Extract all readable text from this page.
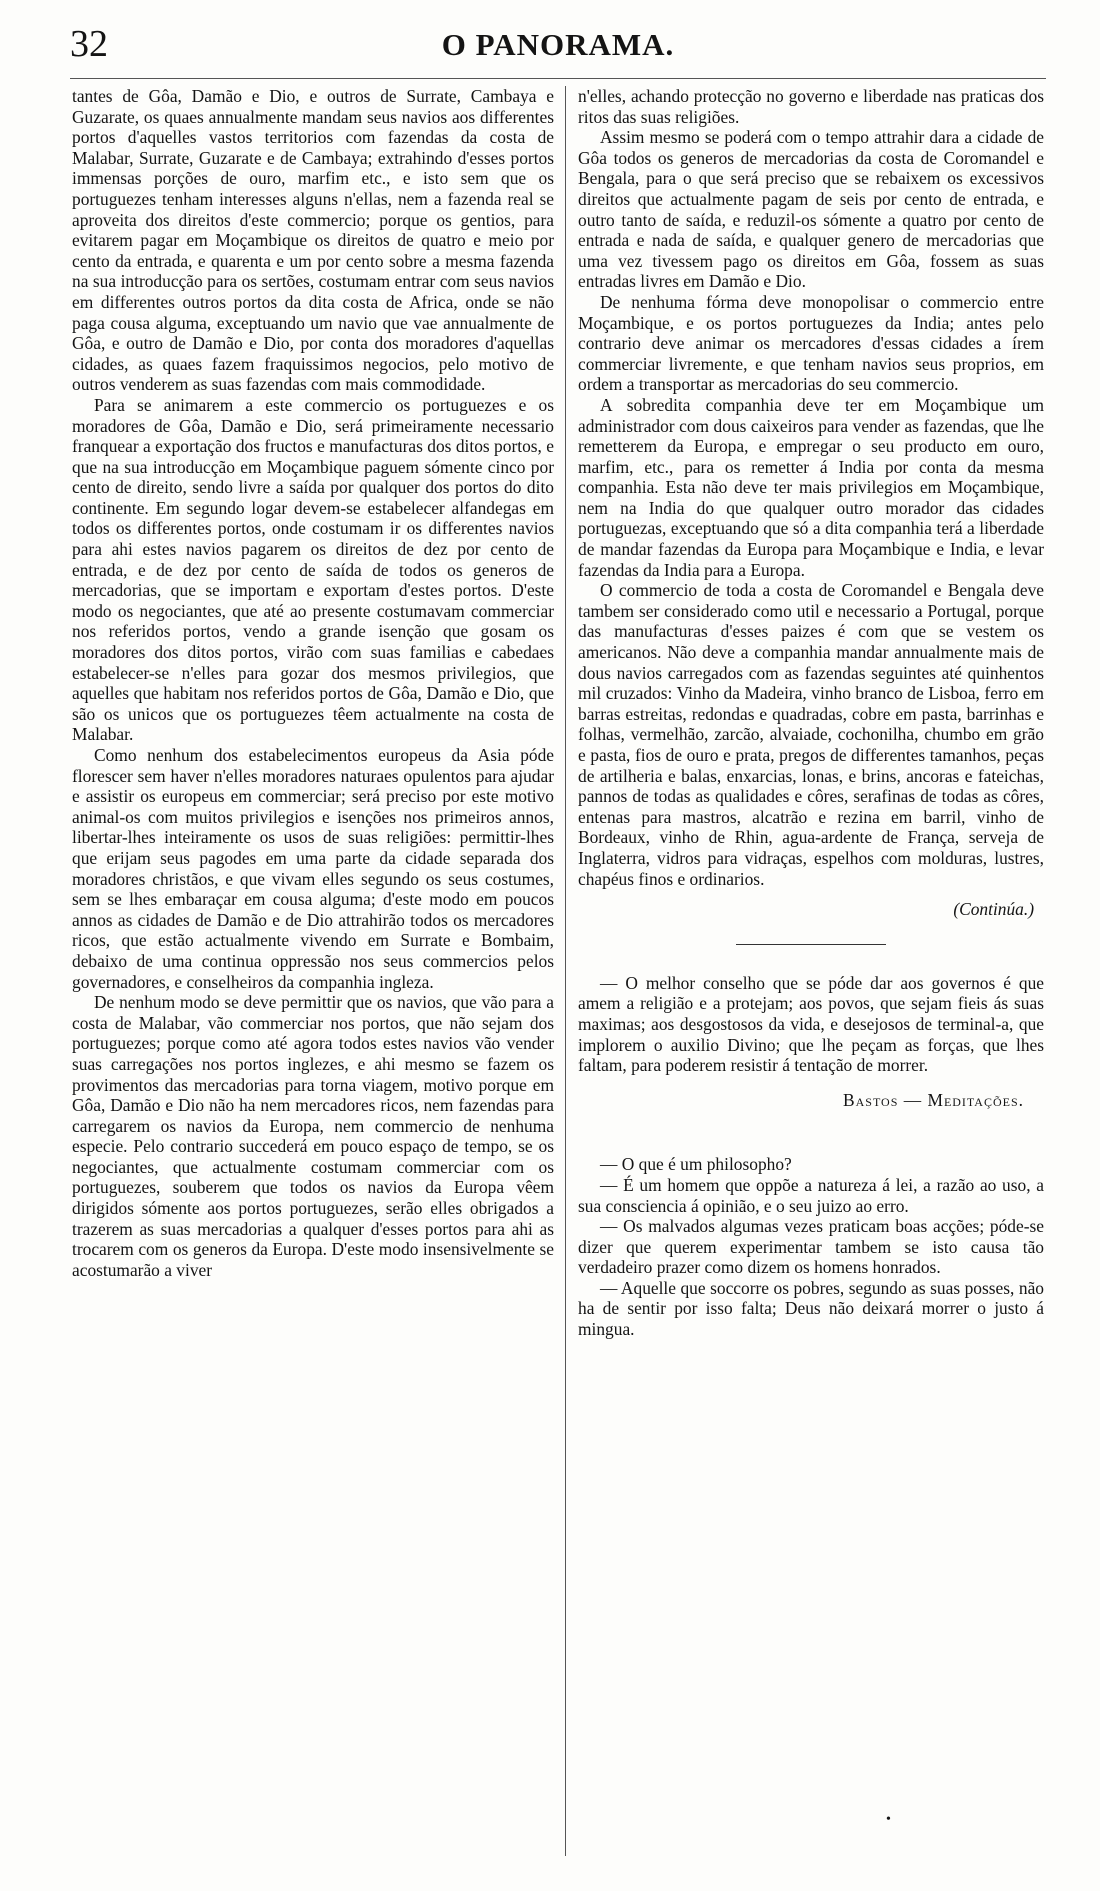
32	O PANORAMA.

tantes de Gôa, Damão e Dio, e outros de Surrate, Cambaya e Guzarate, os quaes annualmente mandam seus navios aos differentes portos d'aquelles vastos territorios com fazendas da costa de Malabar, Surrate, Guzarate e de Cambaya; extrahindo d'esses portos immensas porções de ouro, marfim etc., e isto sem que os portuguezes tenham interesses alguns n'ellas, nem a fazenda real se aproveita dos direitos d'este commercio; porque os gentios, para evitarem pagar em Moçambique os direitos de quatro e meio por cento da entrada, e quarenta e um por cento sobre a mesma fazenda na sua introducção para os sertões, costumam entrar com seus navios em differentes outros portos da dita costa de Africa, onde se não paga cousa alguma, exceptuando um navio que vae annualmente de Gôa, e outro de Damão e Dio, por conta dos moradores d'aquellas cidades, as quaes fazem fraquissimos negocios, pelo motivo de outros venderem as suas fazendas com mais commodidade.

Para se animarem a este commercio os portuguezes e os moradores de Gôa, Damão e Dio, será primeiramente necessario franquear a exportação dos fructos e manufacturas dos ditos portos, e que na sua introducção em Moçambique paguem sómente cinco por cento de direito, sendo livre a saída por qualquer dos portos do dito continente. Em segundo logar devem-se estabelecer alfandegas em todos os differentes portos, onde costumam ir os differentes navios para ahi estes navios pagarem os direitos de dez por cento de entrada, e de dez por cento de saída de todos os generos de mercadorias, que se importam e exportam d'estes portos. D'este modo os negociantes, que até ao presente costumavam commerciar nos referidos portos, vendo a grande isenção que gosam os moradores dos ditos portos, virão com suas familias e cabedaes estabelecer-se n'elles para gozar dos mesmos privilegios, que aquelles que habitam nos referidos portos de Gôa, Damão e Dio, que são os unicos que os portuguezes têem actualmente na costa de Malabar.

Como nenhum dos estabelecimentos europeus da Asia póde florescer sem haver n'elles moradores naturaes opulentos para ajudar e assistir os europeus em commerciar; será preciso por este motivo animal-os com muitos privilegios e isenções nos primeiros annos, libertar-lhes inteiramente os usos de suas religiões: permittir-lhes que erijam seus pagodes em uma parte da cidade separada dos moradores christãos, e que vivam elles segundo os seus costumes, sem se lhes embaraçar em cousa alguma; d'este modo em poucos annos as cidades de Damão e de Dio attrahirão todos os mercadores ricos, que estão actualmente vivendo em Surrate e Bombaim, debaixo de uma continua oppressão nos seus commercios pelos governadores, e conselheiros da companhia ingleza.

De nenhum modo se deve permittir que os navios, que vão para a costa de Malabar, vão commerciar nos portos, que não sejam dos portuguezes; porque como até agora todos estes navios vão vender suas carregações nos portos inglezes, e ahi mesmo se fazem os provimentos das mercadorias para torna viagem, motivo porque em Gôa, Damão e Dio não ha nem mercadores ricos, nem fazendas para carregarem os navios da Europa, nem commercio de nenhuma especie. Pelo contrario succederá em pouco espaço de tempo, se os negociantes, que actualmente costumam commerciar com os portuguezes, souberem que todos os navios da Europa vêem dirigidos sómente aos portos portuguezes, serão elles obrigados a trazerem as suas mercadorias a qualquer d'esses portos para ahi as trocarem com os generos da Europa. D'este modo insensivelmente se acostumarão a viver

n'elles, achando protecção no governo e liberdade nas praticas dos ritos das suas religiões.

Assim mesmo se poderá com o tempo attrahir dara a cidade de Gôa todos os generos de mercadorias da costa de Coromandel e Bengala, para o que será preciso que se rebaixem os excessivos direitos que actualmente pagam de seis por cento de entrada, e outro tanto de saída, e reduzil-os sómente a quatro por cento de entrada e nada de saída, e qualquer genero de mercadorias que uma vez tivessem pago os direitos em Gôa, fossem as suas entradas livres em Damão e Dio.

De nenhuma fórma deve monopolisar o commercio entre Moçambique, e os portos portuguezes da India; antes pelo contrario deve animar os mercadores d'essas cidades a írem commerciar livremente, e que tenham navios seus proprios, em ordem a transportar as mercadorias do seu commercio.

A sobredita companhia deve ter em Moçambique um administrador com dous caixeiros para vender as fazendas, que lhe remetterem da Europa, e empregar o seu producto em ouro, marfim, etc., para os remetter á India por conta da mesma companhia. Esta não deve ter mais privilegios em Moçambique, nem na India do que qualquer outro morador das cidades portuguezas, exceptuando que só a dita companhia terá a liberdade de mandar fazendas da Europa para Moçambique e India, e levar fazendas da India para a Europa.

O commercio de toda a costa de Coromandel e Bengala deve tambem ser considerado como util e necessario a Portugal, porque das manufacturas d'esses paizes é com que se vestem os americanos. Não deve a companhia mandar annualmente mais de dous navios carregados com as fazendas seguintes até quinhentos mil cruzados: Vinho da Madeira, vinho branco de Lisboa, ferro em barras estreitas, redondas e quadradas, cobre em pasta, barrinhas e folhas, vermelhão, zarcão, alvaiade, cochonilha, chumbo em grão e pasta, fios de ouro e prata, pregos de differentes tamanhos, peças de artilheria e balas, enxarcias, lonas, e brins, ancoras e fateichas, pannos de todas as qualidades e côres, serafinas de todas as côres, entenas para mastros, alcatrão e rezina em barril, vinho de Bordeaux, vinho de Rhin, agua-ardente de França, serveja de Inglaterra, vidros para vidraças, espelhos com molduras, lustres, chapéus finos e ordinarios.

(Continúa.)

— O melhor conselho que se póde dar aos governos é que amem a religião e a protejam; aos povos, que sejam fieis ás suas maximas; aos desgostosos da vida, e desejosos de terminal-a, que implorem o auxilio Divino; que lhe peçam as forças, que lhes faltam, para poderem resistir á tentação de morrer.

Bastos — Meditações.

— O que é um philosopho?

— É um homem que oppõe a natureza á lei, a razão ao uso, a sua consciencia á opinião, e o seu juizo ao erro.

— Os malvados algumas vezes praticam boas acções; póde-se dizer que querem experimentar tambem se isto causa tão verdadeiro prazer como dizem os homens honrados.

— Aquelle que soccorre os pobres, segundo as suas posses, não ha de sentir por isso falta; Deus não deixará morrer o justo á mingua.

•
